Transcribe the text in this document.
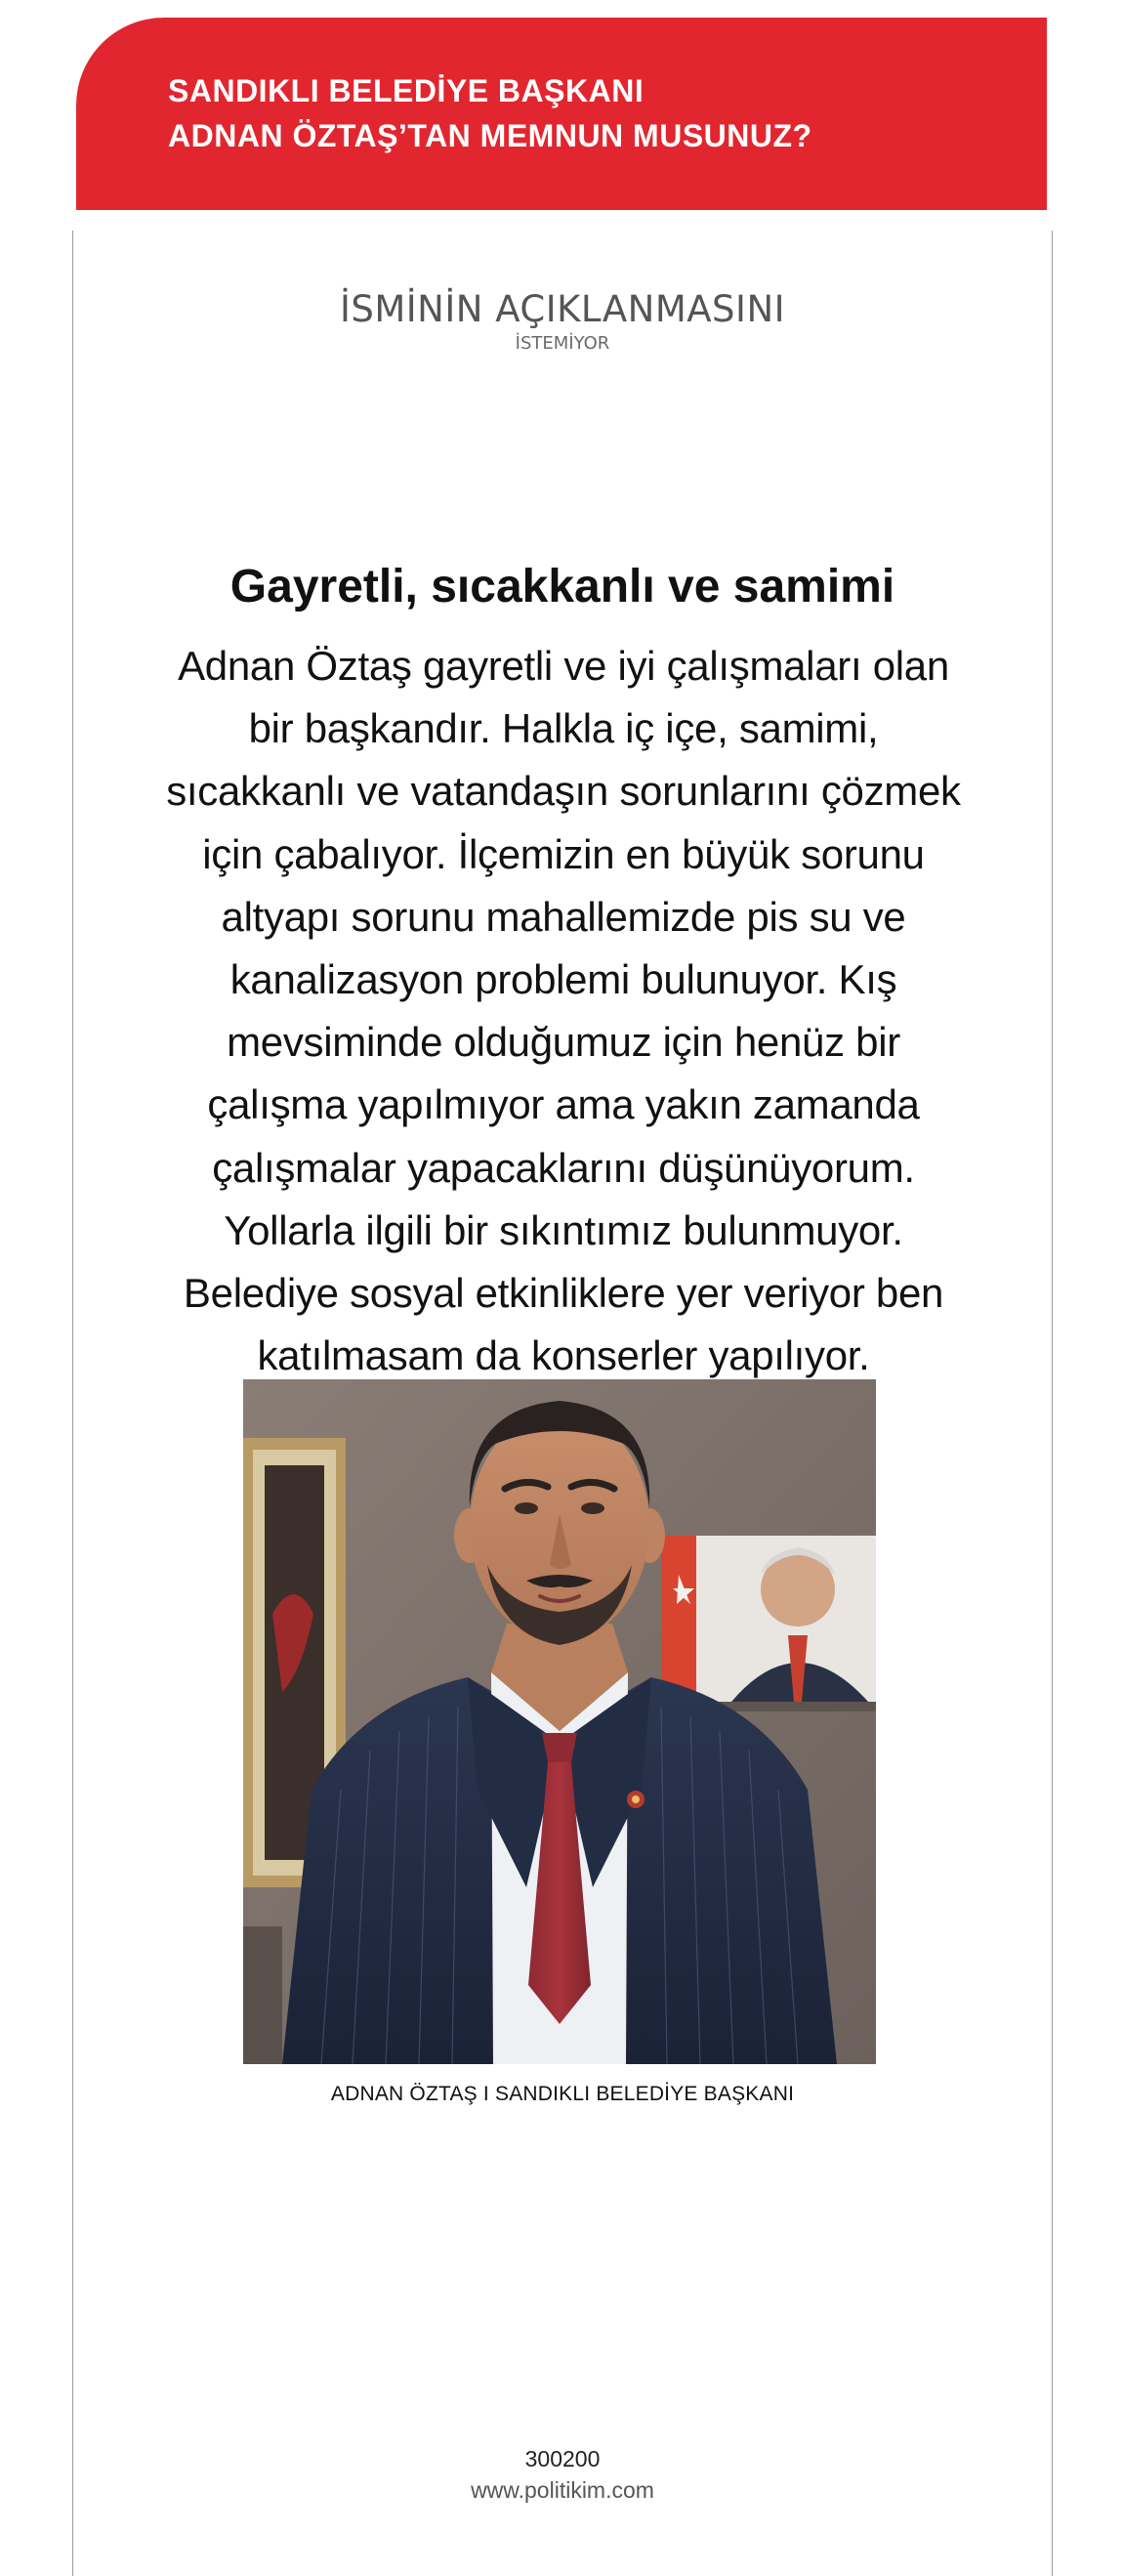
SANDIKLI BELEDİYE BAŞKANI
ADNAN ÖZTAŞ’TAN MEMNUN MUSUNUZ?
İSMİNİN AÇIKLANMASINI
İSTEMİYOR
Gayretli, sıcakkanlı ve samimi

Adnan Öztaş gayretli ve iyi çalışmaları olan bir başkandır. Halkla iç içe, samimi, sıcakkanlı ve vatandaşın sorunlarını çözmek için çabalıyor. İlçemizin en büyük sorunu altyapı sorunu mahallemizde pis su ve kanalizasyon problemi bulunuyor. Kış mevsiminde olduğumuz için henüz bir çalışma yapılmıyor ama yakın zamanda çalışmalar yapacaklarını düşünüyorum. Yollarla ilgili bir sıkıntımız bulunmuyor. Belediye sosyal etkinliklere yer veriyor ben katılmasam da konserler yapılıyor.

ADNAN ÖZTAŞ I SANDIKLI BELEDİYE BAŞKANI
300200
www.politikim.com
